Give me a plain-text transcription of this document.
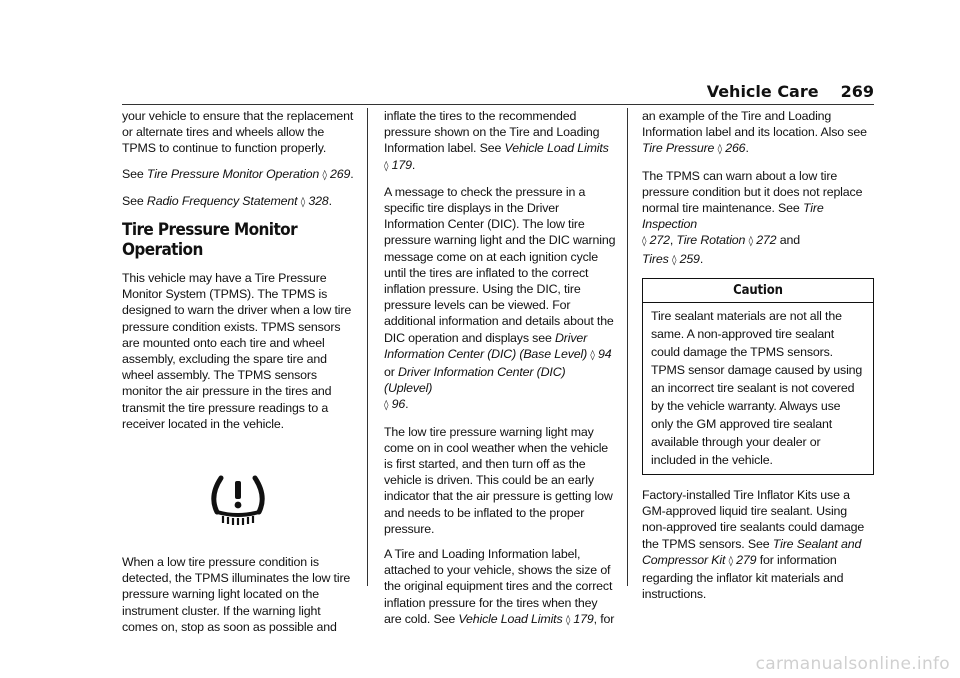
Vehicle Care 269

your vehicle to ensure that the replacement or alternate tires and wheels allow the TPMS to continue to function properly.

See Tire Pressure Monitor Operation ◊ 269.

See Radio Frequency Statement ◊ 328.

Tire Pressure Monitor Operation

This vehicle may have a Tire Pressure Monitor System (TPMS). The TPMS is designed to warn the driver when a low tire pressure condition exists. TPMS sensors are mounted onto each tire and wheel assembly, excluding the spare tire and wheel assembly. The TPMS sensors monitor the air pressure in the tires and transmit the tire pressure readings to a receiver located in the vehicle.

When a low tire pressure condition is detected, the TPMS illuminates the low tire pressure warning light located on the instrument cluster. If the warning light comes on, stop as soon as possible and

inflate the tires to the recommended pressure shown on the Tire and Loading Information label. See Vehicle Load Limits
◊ 179.

A message to check the pressure in a specific tire displays in the Driver Information Center (DIC). The low tire pressure warning light and the DIC warning message come on at each ignition cycle until the tires are inflated to the correct inflation pressure. Using the DIC, tire pressure levels can be viewed. For additional information and details about the DIC operation and displays see Driver Information Center (DIC) (Base Level) ◊ 94 or Driver Information Center (DIC) (Uplevel)
◊ 96.

The low tire pressure warning light may come on in cool weather when the vehicle is first started, and then turn off as the vehicle is driven. This could be an early indicator that the air pressure is getting low and needs to be inflated to the proper pressure.

A Tire and Loading Information label, attached to your vehicle, shows the size of the original equipment tires and the correct inflation pressure for the tires when they are cold. See Vehicle Load Limits ◊ 179, for

an example of the Tire and Loading Information label and its location. Also see Tire Pressure ◊ 266.

The TPMS can warn about a low tire pressure condition but it does not replace normal tire maintenance. See Tire Inspection
◊ 272, Tire Rotation ◊ 272 and
Tires ◊ 259.

Caution
Tire sealant materials are not all the same. A non-approved tire sealant could damage the TPMS sensors. TPMS sensor damage caused by using an incorrect tire sealant is not covered by the vehicle warranty. Always use only the GM approved tire sealant available through your dealer or included in the vehicle.

Factory-installed Tire Inflator Kits use a GM-approved liquid tire sealant. Using non-approved tire sealants could damage the TPMS sensors. See Tire Sealant and Compressor Kit ◊ 279 for information regarding the inflator kit materials and instructions.

carmanualsonline.info
